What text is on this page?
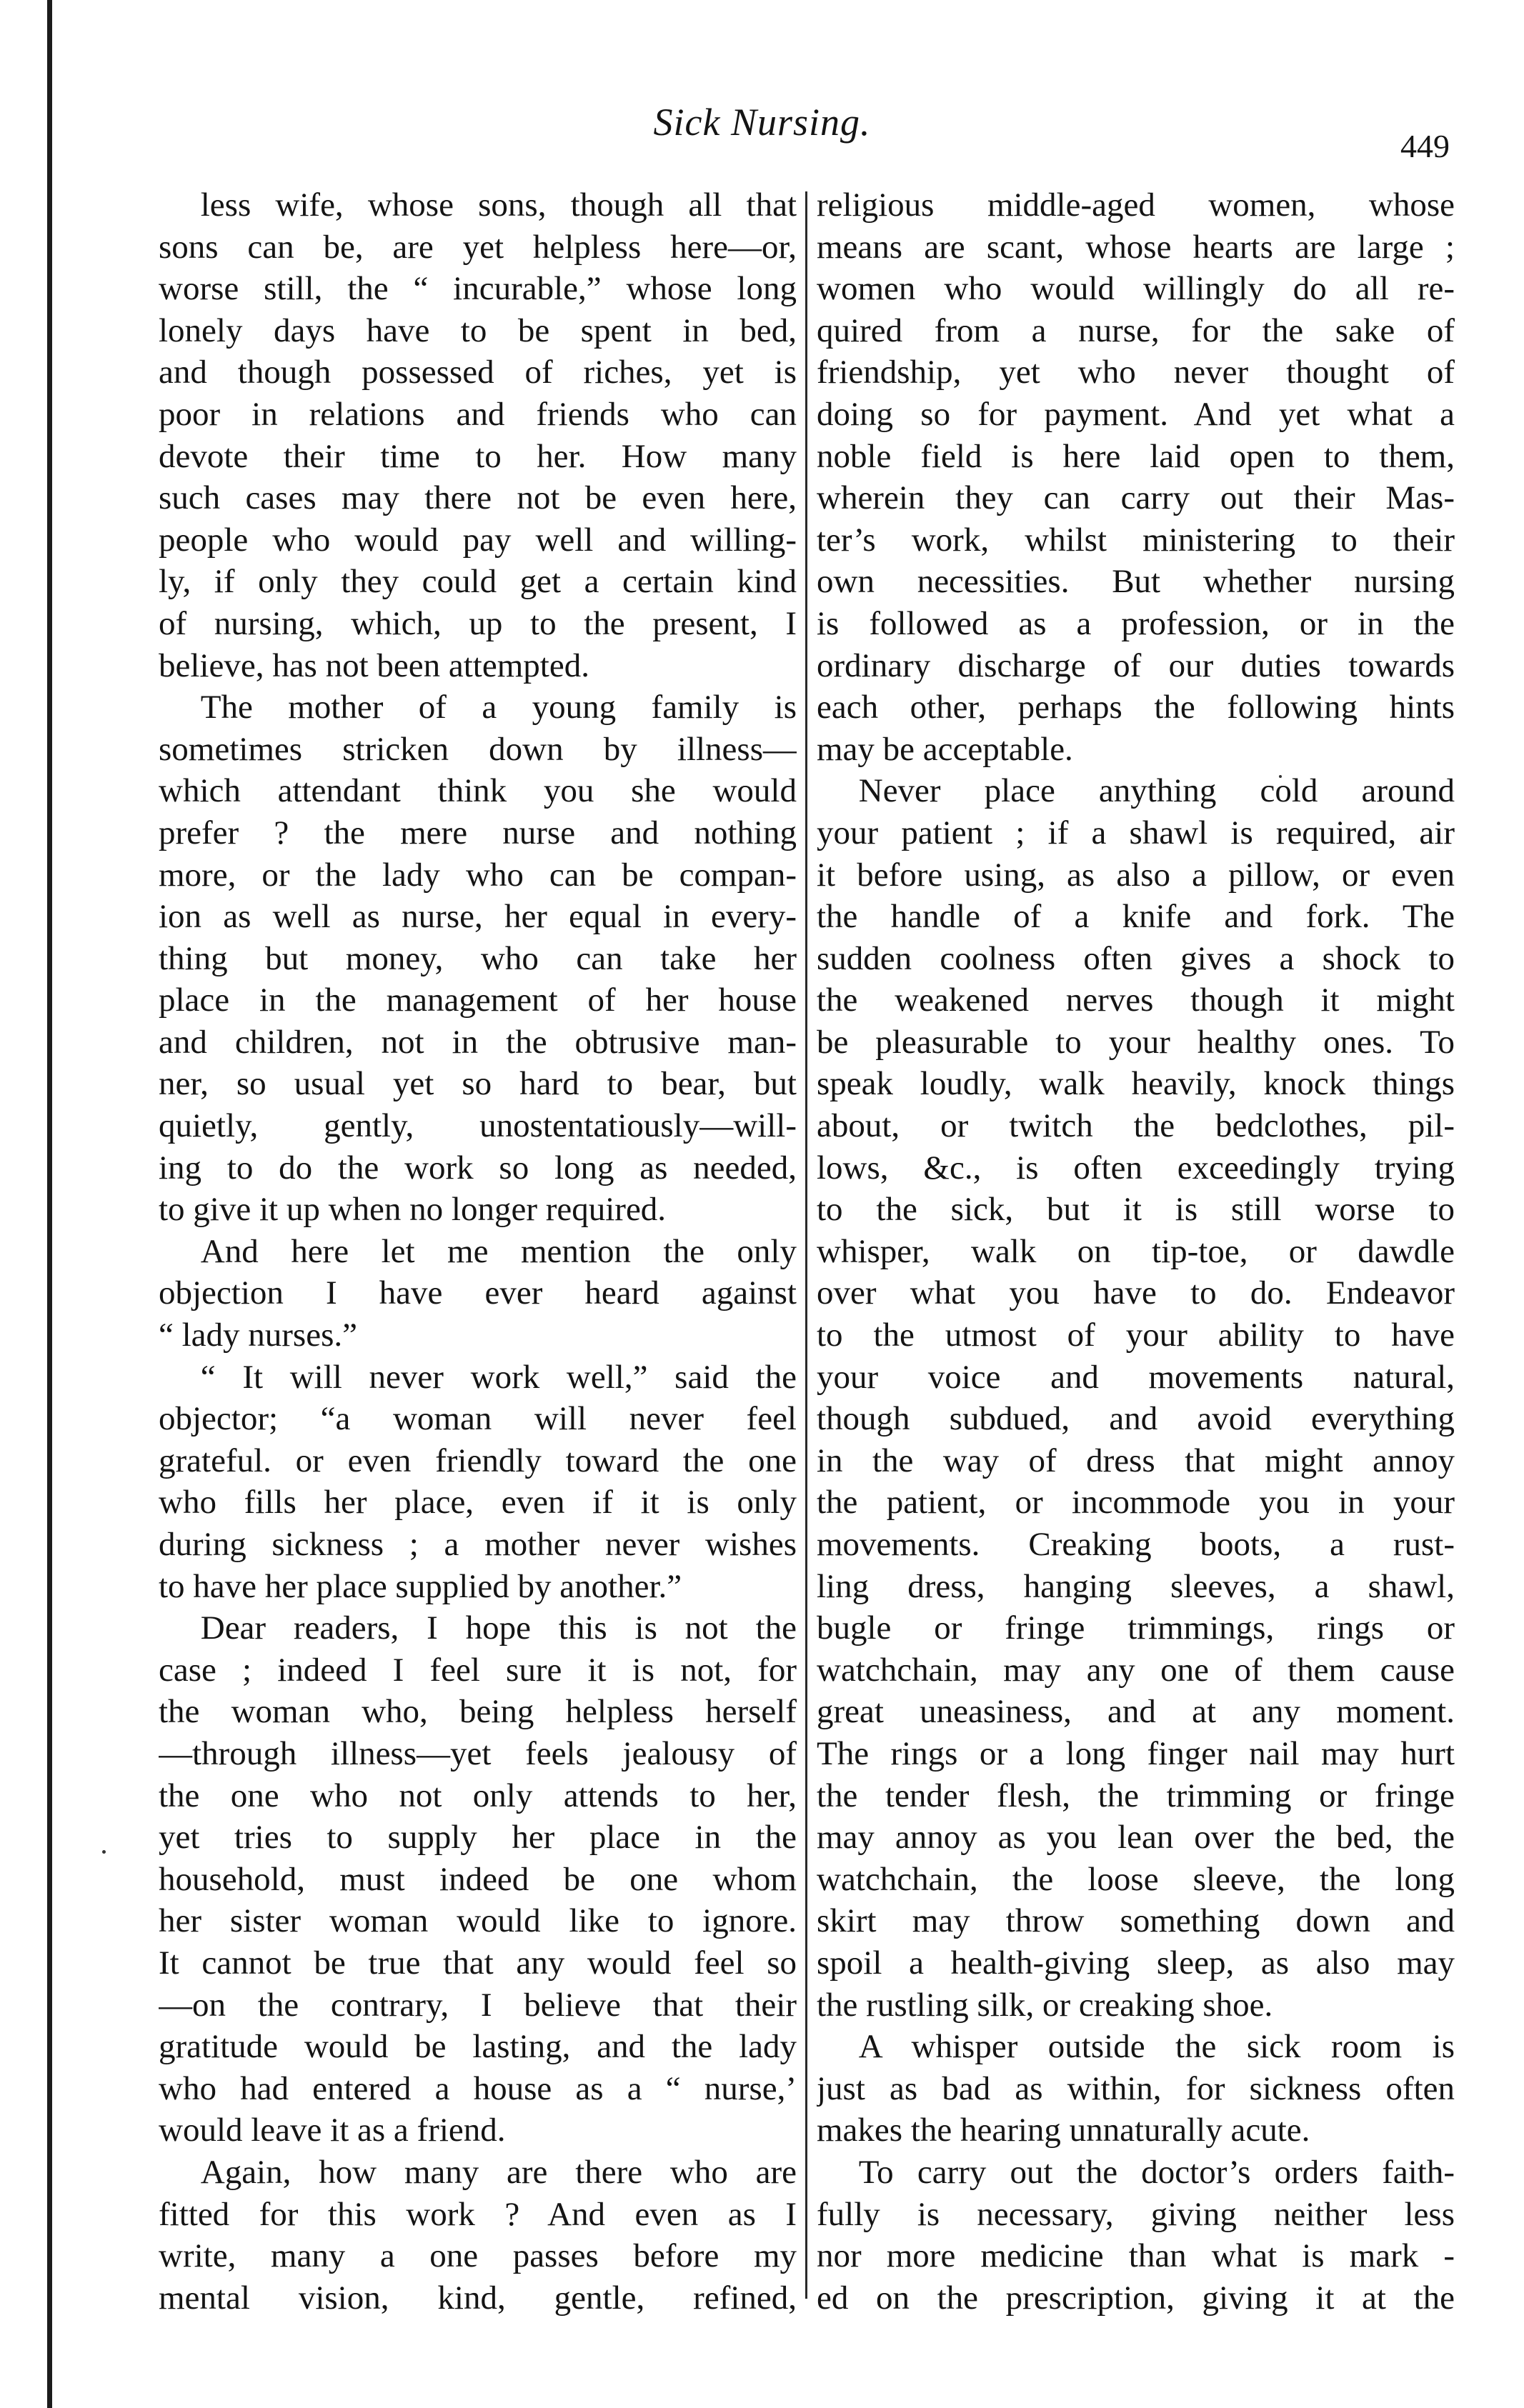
Sick Nursing.
449

less wife, whose sons, though all that
sons can be, are yet helpless here—or,
worse still, the “ incurable,” whose long
lonely days have to be spent in bed,
and though possessed of riches, yet is
poor in relations and friends who can
devote their time to her. How many
such cases may there not be even here,
people who would pay well and willing-
ly, if only they could get a certain kind
of nursing, which, up to the present, I
believe, has not been attempted.

The mother of a young family is
sometimes stricken down by illness—
which attendant think you she would
prefer ? the mere nurse and nothing
more, or the lady who can be compan-
ion as well as nurse, her equal in every-
thing but money, who can take her
place in the management of her house
and children, not in the obtrusive man-
ner, so usual yet so hard to bear, but
quietly, gently, unostentatiously—will-
ing to do the work so long as needed,
to give it up when no longer required.

And here let me mention the only
objection I have ever heard against
“ lady nurses.”

“ It will never work well,” said the
objector; “a woman will never feel
grateful. or even friendly toward the one
who fills her place, even if it is only
during sickness ; a mother never wishes
to have her place supplied by another.”

Dear readers, I hope this is not the
case ; indeed I feel sure it is not, for
the woman who, being helpless herself
—through illness—yet feels jealousy of
the one who not only attends to her,
yet tries to supply her place in the
household, must indeed be one whom
her sister woman would like to ignore.
It cannot be true that any would feel so
—on the contrary, I believe that their
gratitude would be lasting, and the lady
who had entered a house as a “ nurse,’
would leave it as a friend.

Again, how many are there who are
fitted for this work ? And even as I
write, many a one passes before my
mental vision, kind, gentle, refined,

religious middle-aged women, whose
means are scant, whose hearts are large ;
women who would willingly do all re-
quired from a nurse, for the sake of
friendship, yet who never thought of
doing so for payment. And yet what a
noble field is here laid open to them,
wherein they can carry out their Mas-
ter’s work, whilst ministering to their
own necessities. But whether nursing
is followed as a profession, or in the
ordinary discharge of our duties towards
each other, perhaps the following hints
may be acceptable.

Never place anything cold around
your patient ; if a shawl is required, air
it before using, as also a pillow, or even
the handle of a knife and fork. The
sudden coolness often gives a shock to
the weakened nerves though it might
be pleasurable to your healthy ones. To
speak loudly, walk heavily, knock things
about, or twitch the bedclothes, pil-
lows, &c., is often exceedingly trying
to the sick, but it is still worse to
whisper, walk on tip-toe, or dawdle
over what you have to do. Endeavor
to the utmost of your ability to have
your voice and movements natural,
though subdued, and avoid everything
in the way of dress that might annoy
the patient, or incommode you in your
movements. Creaking boots, a rust-
ling dress, hanging sleeves, a shawl,
bugle or fringe trimmings, rings or
watchchain, may any one of them cause
great uneasiness, and at any moment.
The rings or a long finger nail may hurt
the tender flesh, the trimming or fringe
may annoy as you lean over the bed, the
watchchain, the loose sleeve, the long
skirt may throw something down and
spoil a health-giving sleep, as also may
the rustling silk, or creaking shoe.

A whisper outside the sick room is
just as bad as within, for sickness often
makes the hearing unnaturally acute.

To carry out the doctor’s orders faith-
fully is necessary, giving neither less
nor more medicine than what is mark -
ed on the prescription, giving it at the
